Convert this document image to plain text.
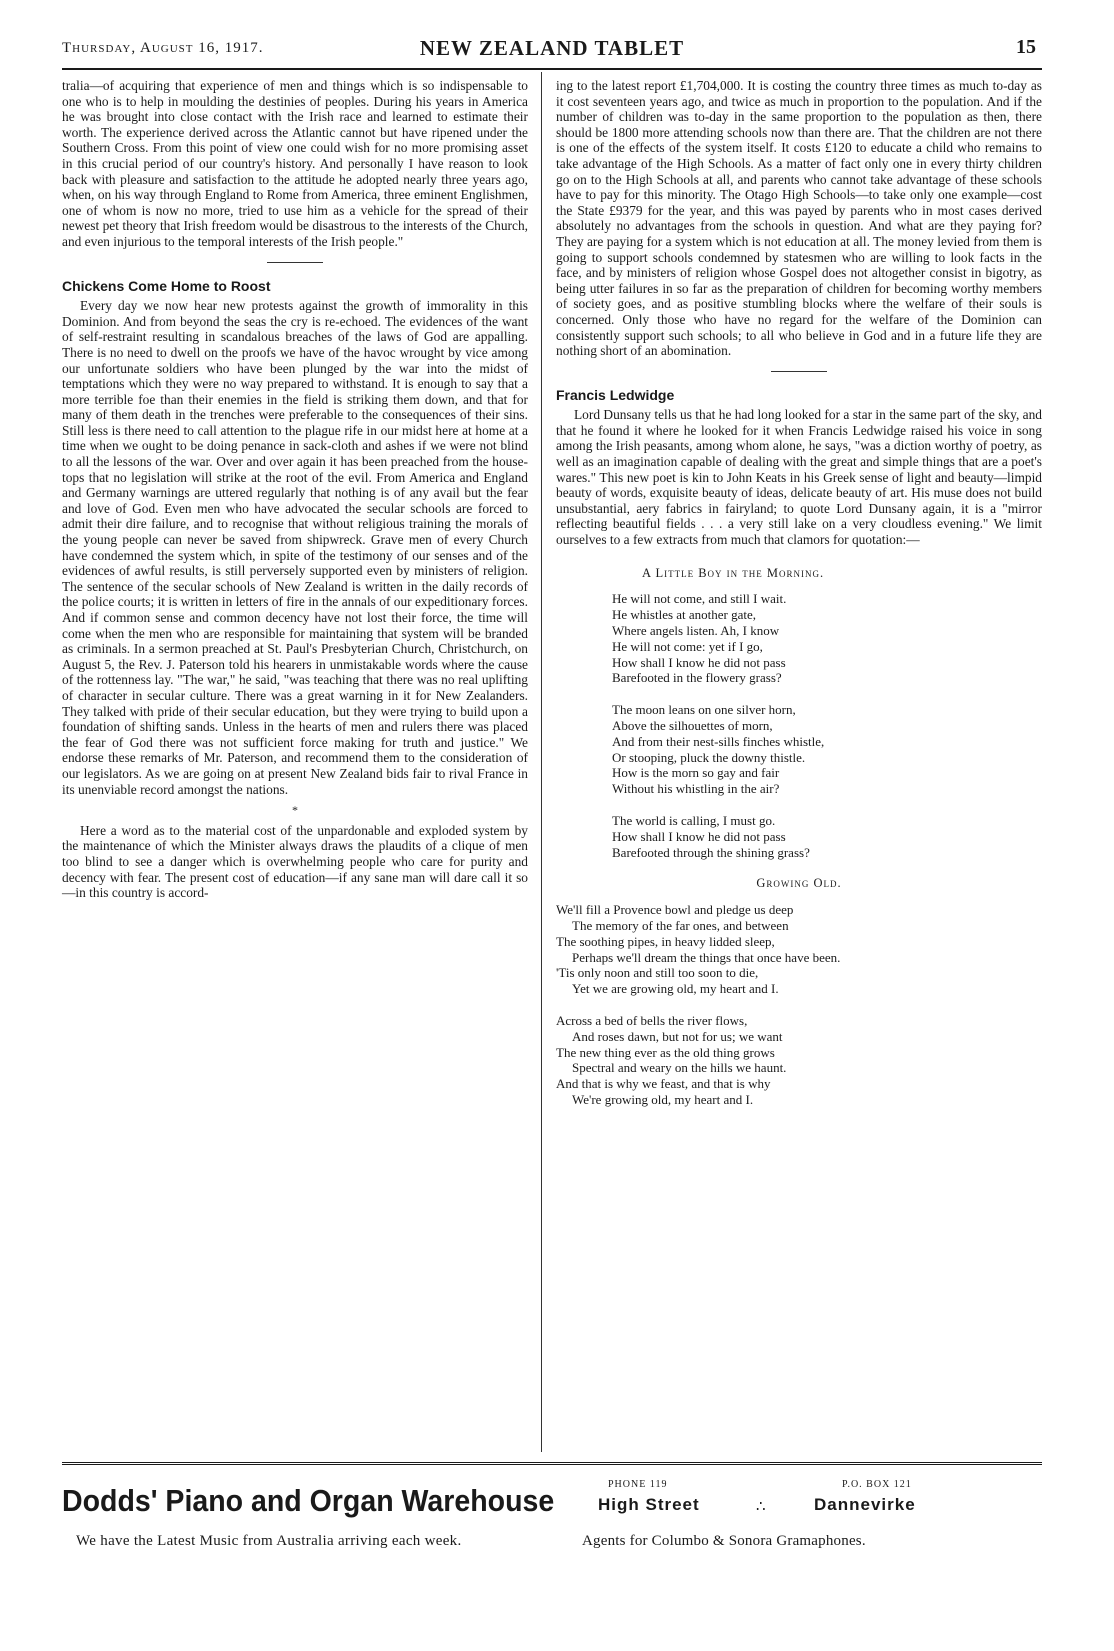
Thursday, August 16, 1917.	NEW ZEALAND TABLET	15

tralia—of acquiring that experience of men and things which is so indispensable to one who is to help in moulding the destinies of peoples. During his years in America he was brought into close contact with the Irish race and learned to estimate their worth. The experience derived across the Atlantic cannot but have ripened under the Southern Cross. From this point of view one could wish for no more promising asset in this crucial period of our country's history. And personally I have reason to look back with pleasure and satisfaction to the attitude he adopted nearly three years ago, when, on his way through England to Rome from America, three eminent Englishmen, one of whom is now no more, tried to use him as a vehicle for the spread of their newest pet theory that Irish freedom would be disastrous to the interests of the Church, and even injurious to the temporal interests of the Irish people."

Chickens Come Home to Roost

Every day we now hear new protests against the growth of immorality in this Dominion. And from beyond the seas the cry is re-echoed. The evidences of the want of self-restraint resulting in scandalous breaches of the laws of God are appalling. There is no need to dwell on the proofs we have of the havoc wrought by vice among our unfortunate soldiers who have been plunged by the war into the midst of temptations which they were no way prepared to withstand. It is enough to say that a more terrible foe than their enemies in the field is striking them down, and that for many of them death in the trenches were preferable to the consequences of their sins. Still less is there need to call attention to the plague rife in our midst here at home at a time when we ought to be doing penance in sack-cloth and ashes if we were not blind to all the lessons of the war. Over and over again it has been preached from the house-tops that no legislation will strike at the root of the evil. From America and England and Germany warnings are uttered regularly that nothing is of any avail but the fear and love of God. Even men who have advocated the secular schools are forced to admit their dire failure, and to recognise that without religious training the morals of the young people can never be saved from shipwreck. Grave men of every Church have condemned the system which, in spite of the testimony of our senses and of the evidences of awful results, is still perversely supported even by ministers of religion. The sentence of the secular schools of New Zealand is written in the daily records of the police courts; it is written in letters of fire in the annals of our expeditionary forces. And if common sense and common decency have not lost their force, the time will come when the men who are responsible for maintaining that system will be branded as criminals. In a sermon preached at St. Paul's Presbyterian Church, Christchurch, on August 5, the Rev. J. Paterson told his hearers in unmistakable words where the cause of the rottenness lay. "The war," he said, "was teaching that there was no real uplifting of character in secular culture. There was a great warning in it for New Zealanders. They talked with pride of their secular education, but they were trying to build upon a foundation of shifting sands. Unless in the hearts of men and rulers there was placed the fear of God there was not sufficient force making for truth and justice." We endorse these remarks of Mr. Paterson, and recommend them to the consideration of our legislators. As we are going on at present New Zealand bids fair to rival France in its unenviable record amongst the nations.

*

Here a word as to the material cost of the unpardonable and exploded system by the maintenance of which the Minister always draws the plaudits of a clique of men too blind to see a danger which is overwhelming people who care for purity and decency with fear. The present cost of education—if any sane man will dare call it so—in this country is accord-

ing to the latest report £1,704,000. It is costing the country three times as much to-day as it cost seventeen years ago, and twice as much in proportion to the population. And if the number of children was to-day in the same proportion to the population as then, there should be 1800 more attending schools now than there are. That the children are not there is one of the effects of the system itself. It costs £120 to educate a child who remains to take advantage of the High Schools. As a matter of fact only one in every thirty children go on to the High Schools at all, and parents who cannot take advantage of these schools have to pay for this minority. The Otago High Schools—to take only one example—cost the State £9379 for the year, and this was payed by parents who in most cases derived absolutely no advantages from the schools in question. And what are they paying for? They are paying for a system which is not education at all. The money levied from them is going to support schools condemned by statesmen who are willing to look facts in the face, and by ministers of religion whose Gospel does not altogether consist in bigotry, as being utter failures in so far as the preparation of children for becoming worthy members of society goes, and as positive stumbling blocks where the welfare of their souls is concerned. Only those who have no regard for the welfare of the Dominion can consistently support such schools; to all who believe in God and in a future life they are nothing short of an abomination.

Francis Ledwidge

Lord Dunsany tells us that he had long looked for a star in the same part of the sky, and that he found it where he looked for it when Francis Ledwidge raised his voice in song among the Irish peasants, among whom alone, he says, "was a diction worthy of poetry, as well as an imagination capable of dealing with the great and simple things that are a poet's wares." This new poet is kin to John Keats in his Greek sense of light and beauty—limpid beauty of words, exquisite beauty of ideas, delicate beauty of art. His muse does not build unsubstantial, aery fabrics in fairyland; to quote Lord Dunsany again, it is a "mirror reflecting beautiful fields . . . a very still lake on a very cloudless evening." We limit ourselves to a few extracts from much that clamors for quotation:—

A Little Boy in the Morning.
He will not come, and still I wait.
He whistles at another gate,
Where angels listen. Ah, I know
He will not come: yet if I go,
How shall I know he did not pass
Barefooted in the flowery grass?
The moon leans on one silver horn,
Above the silhouettes of morn,
And from their nest-sills finches whistle,
Or stooping, pluck the downy thistle.
How is the morn so gay and fair
Without his whistling in the air?
The world is calling, I must go.
How shall I know he did not pass
Barefooted through the shining grass?
Growing Old.
We'll fill a Provence bowl and pledge us deep
The memory of the far ones, and between
The soothing pipes, in heavy lidded sleep,
Perhaps we'll dream the things that once have been.
'Tis only noon and still too soon to die,
Yet we are growing old, my heart and I.
Across a bed of bells the river flows,
And roses dawn, but not for us; we want
The new thing ever as the old thing grows
Spectral and weary on the hills we haunt.
And that is why we feast, and that is why
We're growing old, my heart and I.
Dodds' Piano and Organ Warehouse
We have the Latest Music from Australia arriving each week.
PHONE 119
High Street	∴
P.O. BOX 121
Dannevirke
Agents for Columbo & Sonora Gramaphones.
